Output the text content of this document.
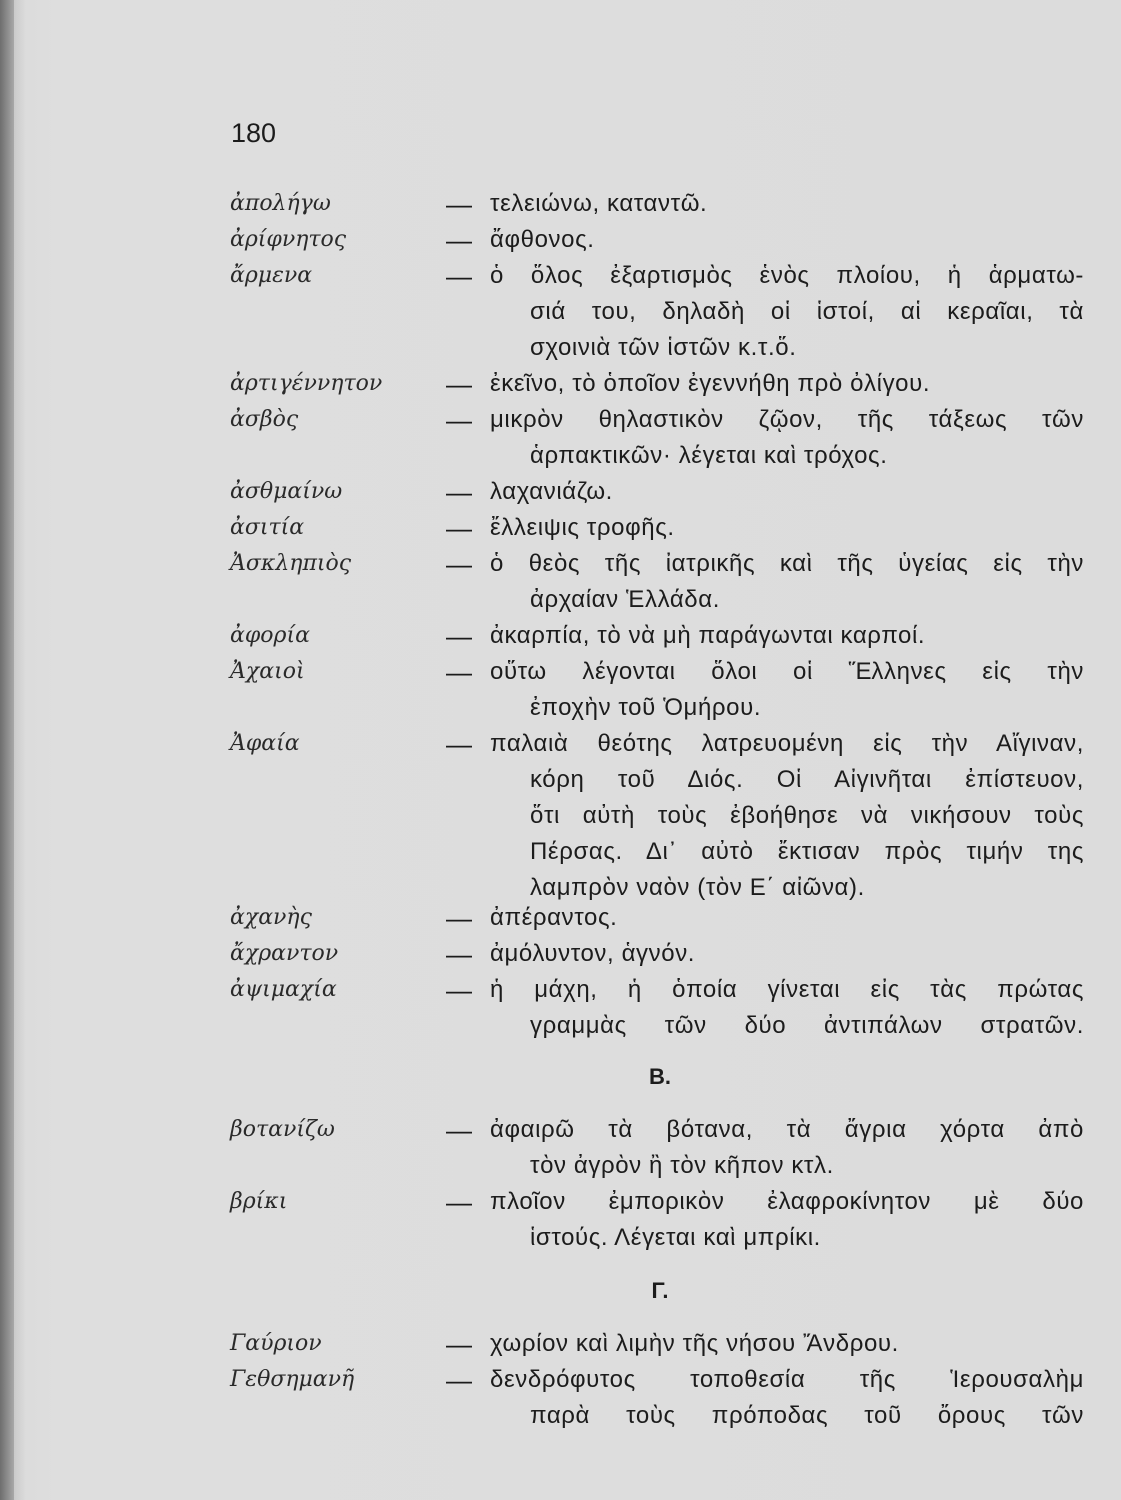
180
ἀπολήγω	— τελειώνω, καταντῶ.
ἀρίφνητος	— ἄφθονος.
ἄρμενα	— ὁ ὅλος ἐξαρτισμὸς ἑνὸς πλοίου, ἡ ἁρματω-
σιά του, δηλαδὴ οἱ ἱστοί, αἱ κεραῖαι, τὰ
σχοινιὰ τῶν ἱστῶν κ.τ.ὅ.
ἀρτιγέννητον — ἐκεῖνο, τὸ ὁποῖον ἐγεννήθη πρὸ ὀλίγου.
ἀσβὸς	— μικρὸν θηλαστικὸν ζῷον, τῆς τάξεως τῶν
ἁρπακτικῶν· λέγεται καὶ τρόχος.
ἀσθμαίνω	— λαχανιάζω.
ἀσιτία	— ἔλλειψις τροφῆς.
Ἀσκληπιὸς	— ὁ θεὸς τῆς ἰατρικῆς καὶ τῆς ὑγείας εἰς τὴν
ἀρχαίαν Ἑλλάδα.
ἀφορία	— ἀκαρπία, τὸ νὰ μὴ παράγωνται καρποί.
Ἀχαιοὶ	— οὕτω λέγονται ὅλοι οἱ Ἕλληνες εἰς τὴν
ἐποχὴν τοῦ Ὁμήρου.
Ἀφαία	— παλαιὰ θεότης λατρευομένη εἰς τὴν Αἴγιναν,
κόρη τοῦ Διός. Οἱ Αἰγινῆται ἐπίστευον,
ὅτι αὐτὴ τοὺς ἐβοήθησε νὰ νικήσουν τοὺς
Πέρσας. Δι᾽ αὐτὸ ἔκτισαν πρὸς τιμήν της
λαμπρὸν ναὸν (τὸν Ε΄ αἰῶνα).
ἀχανὴς	— ἀπέραντος.
ἄχραντον	— ἀμόλυντον, ἁγνόν.
ἀψιμαχία	— ἡ μάχη, ἡ ὁποία γίνεται εἰς τὰς πρώτας
γραμμὰς τῶν δύο ἀντιπάλων στρατῶν.
βοτανίζω	— ἀφαιρῶ τὰ βότανα, τὰ ἄγρια χόρτα ἀπὸ
τὸν ἀγρὸν ἢ τὸν κῆπον κτλ.
βρίκι	— πλοῖον ἐμπορικὸν ἐλαφροκίνητον μὲ δύο
ἱστούς. Λέγεται καὶ μπρίκι.
Γαύριον	— χωρίον καὶ λιμὴν τῆς νήσου Ἄνδρου.
Γεθσημανῆ	— δενδρόφυτος τοποθεσία τῆς Ἱερουσαλὴμ
παρὰ τοὺς πρόποδας τοῦ ὄρους τῶν
Β.
Γ.
